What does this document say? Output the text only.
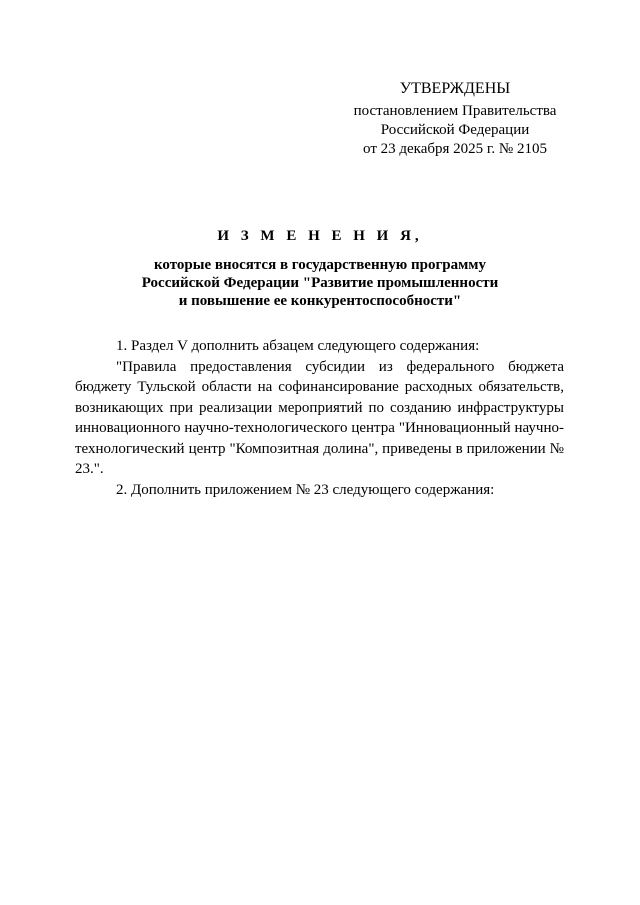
УТВЕРЖДЕНЫ
постановлением Правительства
Российской Федерации
от 23 декабря 2025 г. № 2105
И З М Е Н Е Н И Я,
которые вносятся в государственную программу
Российской Федерации "Развитие промышленности
и повышение ее конкурентоспособности"

1. Раздел V дополнить абзацем следующего содержания:

"Правила предоставления субсидии из федерального бюджета бюджету Тульской области на софинансирование расходных обязательств, возникающих при реализации мероприятий по созданию инфраструктуры инновационного научно-технологического центра "Инновационный научно-технологический центр "Композитная долина", приведены в приложении № 23.".

2. Дополнить приложением № 23 следующего содержания:
